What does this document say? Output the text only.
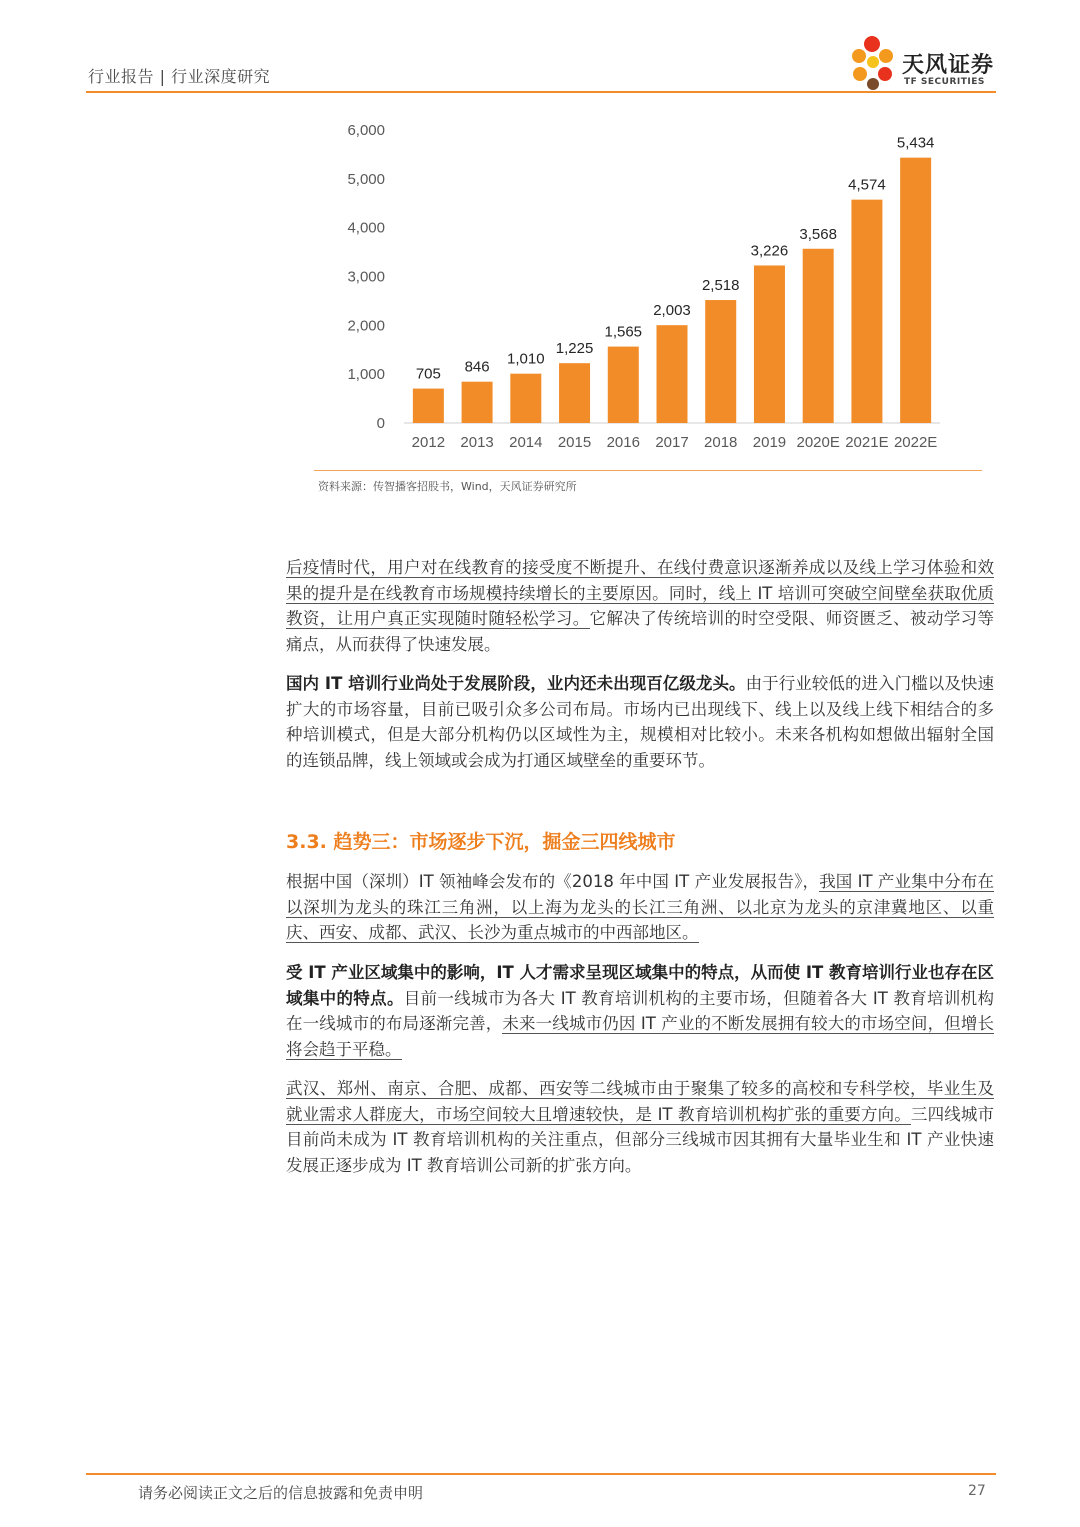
行业报告 | 行业深度研究	天风证券
TF SECURITIES
0
1,000
2,000
3,000
4,000
5,000
6,000
705 846 1,010
1,225
1,565
2,003
2,518
3,226
3,568
4,574
5,434
2012 2013 2014 2015 2016 2017 2018 2019 2020E 2021E 2022E
资料来源：传智播客招股书，Wind，天风证券研究所
后疫情时代，用户对在线教育的接受度不断提升、在线付费意识逐渐养成以及线上学习体验和效果的提升是在线教育市场规模持续增长的主要原因。同时，线上 IT 培训可突破空间壁垒获取优质教资，让用户真正实现随时随轻松学习。它解决了传统培训的时空受限、师资匮乏、被动学习等痛点，从而获得了快速发展。
国内 IT 培训行业尚处于发展阶段，业内还未出现百亿级龙头。由于行业较低的进入门槛以及快速扩大的市场容量，目前已吸引众多公司布局。市场内已出现线下、线上以及线上线下相结合的多种培训模式，但是大部分机构仍以区域性为主，规模相对比较小。未来各机构如想做出辐射全国的连锁品牌，线上领域或会成为打通区域壁垒的重要环节。
3.3. 趋势三：市场逐步下沉，掘金三四线城市
根据中国（深圳）IT 领袖峰会发布的《2018 年中国 IT 产业发展报告》，我国 IT 产业集中分布在以深圳为龙头的珠江三角洲，以上海为龙头的长江三角洲、以北京为龙头的京津冀地区、以重庆、西安、成都、武汉、长沙为重点城市的中西部地区。
受 IT 产业区域集中的影响，IT 人才需求呈现区域集中的特点，从而使 IT 教育培训行业也存在区域集中的特点。目前一线城市为各大 IT 教育培训机构的主要市场，但随着各大 IT 教育培训机构在一线城市的布局逐渐完善，未来一线城市仍因 IT 产业的不断发展拥有较大的市场空间，但增长将会趋于平稳。
武汉、郑州、南京、合肥、成都、西安等二线城市由于聚集了较多的高校和专科学校，毕业生及就业需求人群庞大，市场空间较大且增速较快，是 IT 教育培训机构扩张的重要方向。三四线城市目前尚未成为 IT 教育培训机构的关注重点，但部分三线城市因其拥有大量毕业生和 IT 产业快速发展正逐步成为 IT 教育培训公司新的扩张方向。
请务必阅读正文之后的信息披露和免责申明	27
